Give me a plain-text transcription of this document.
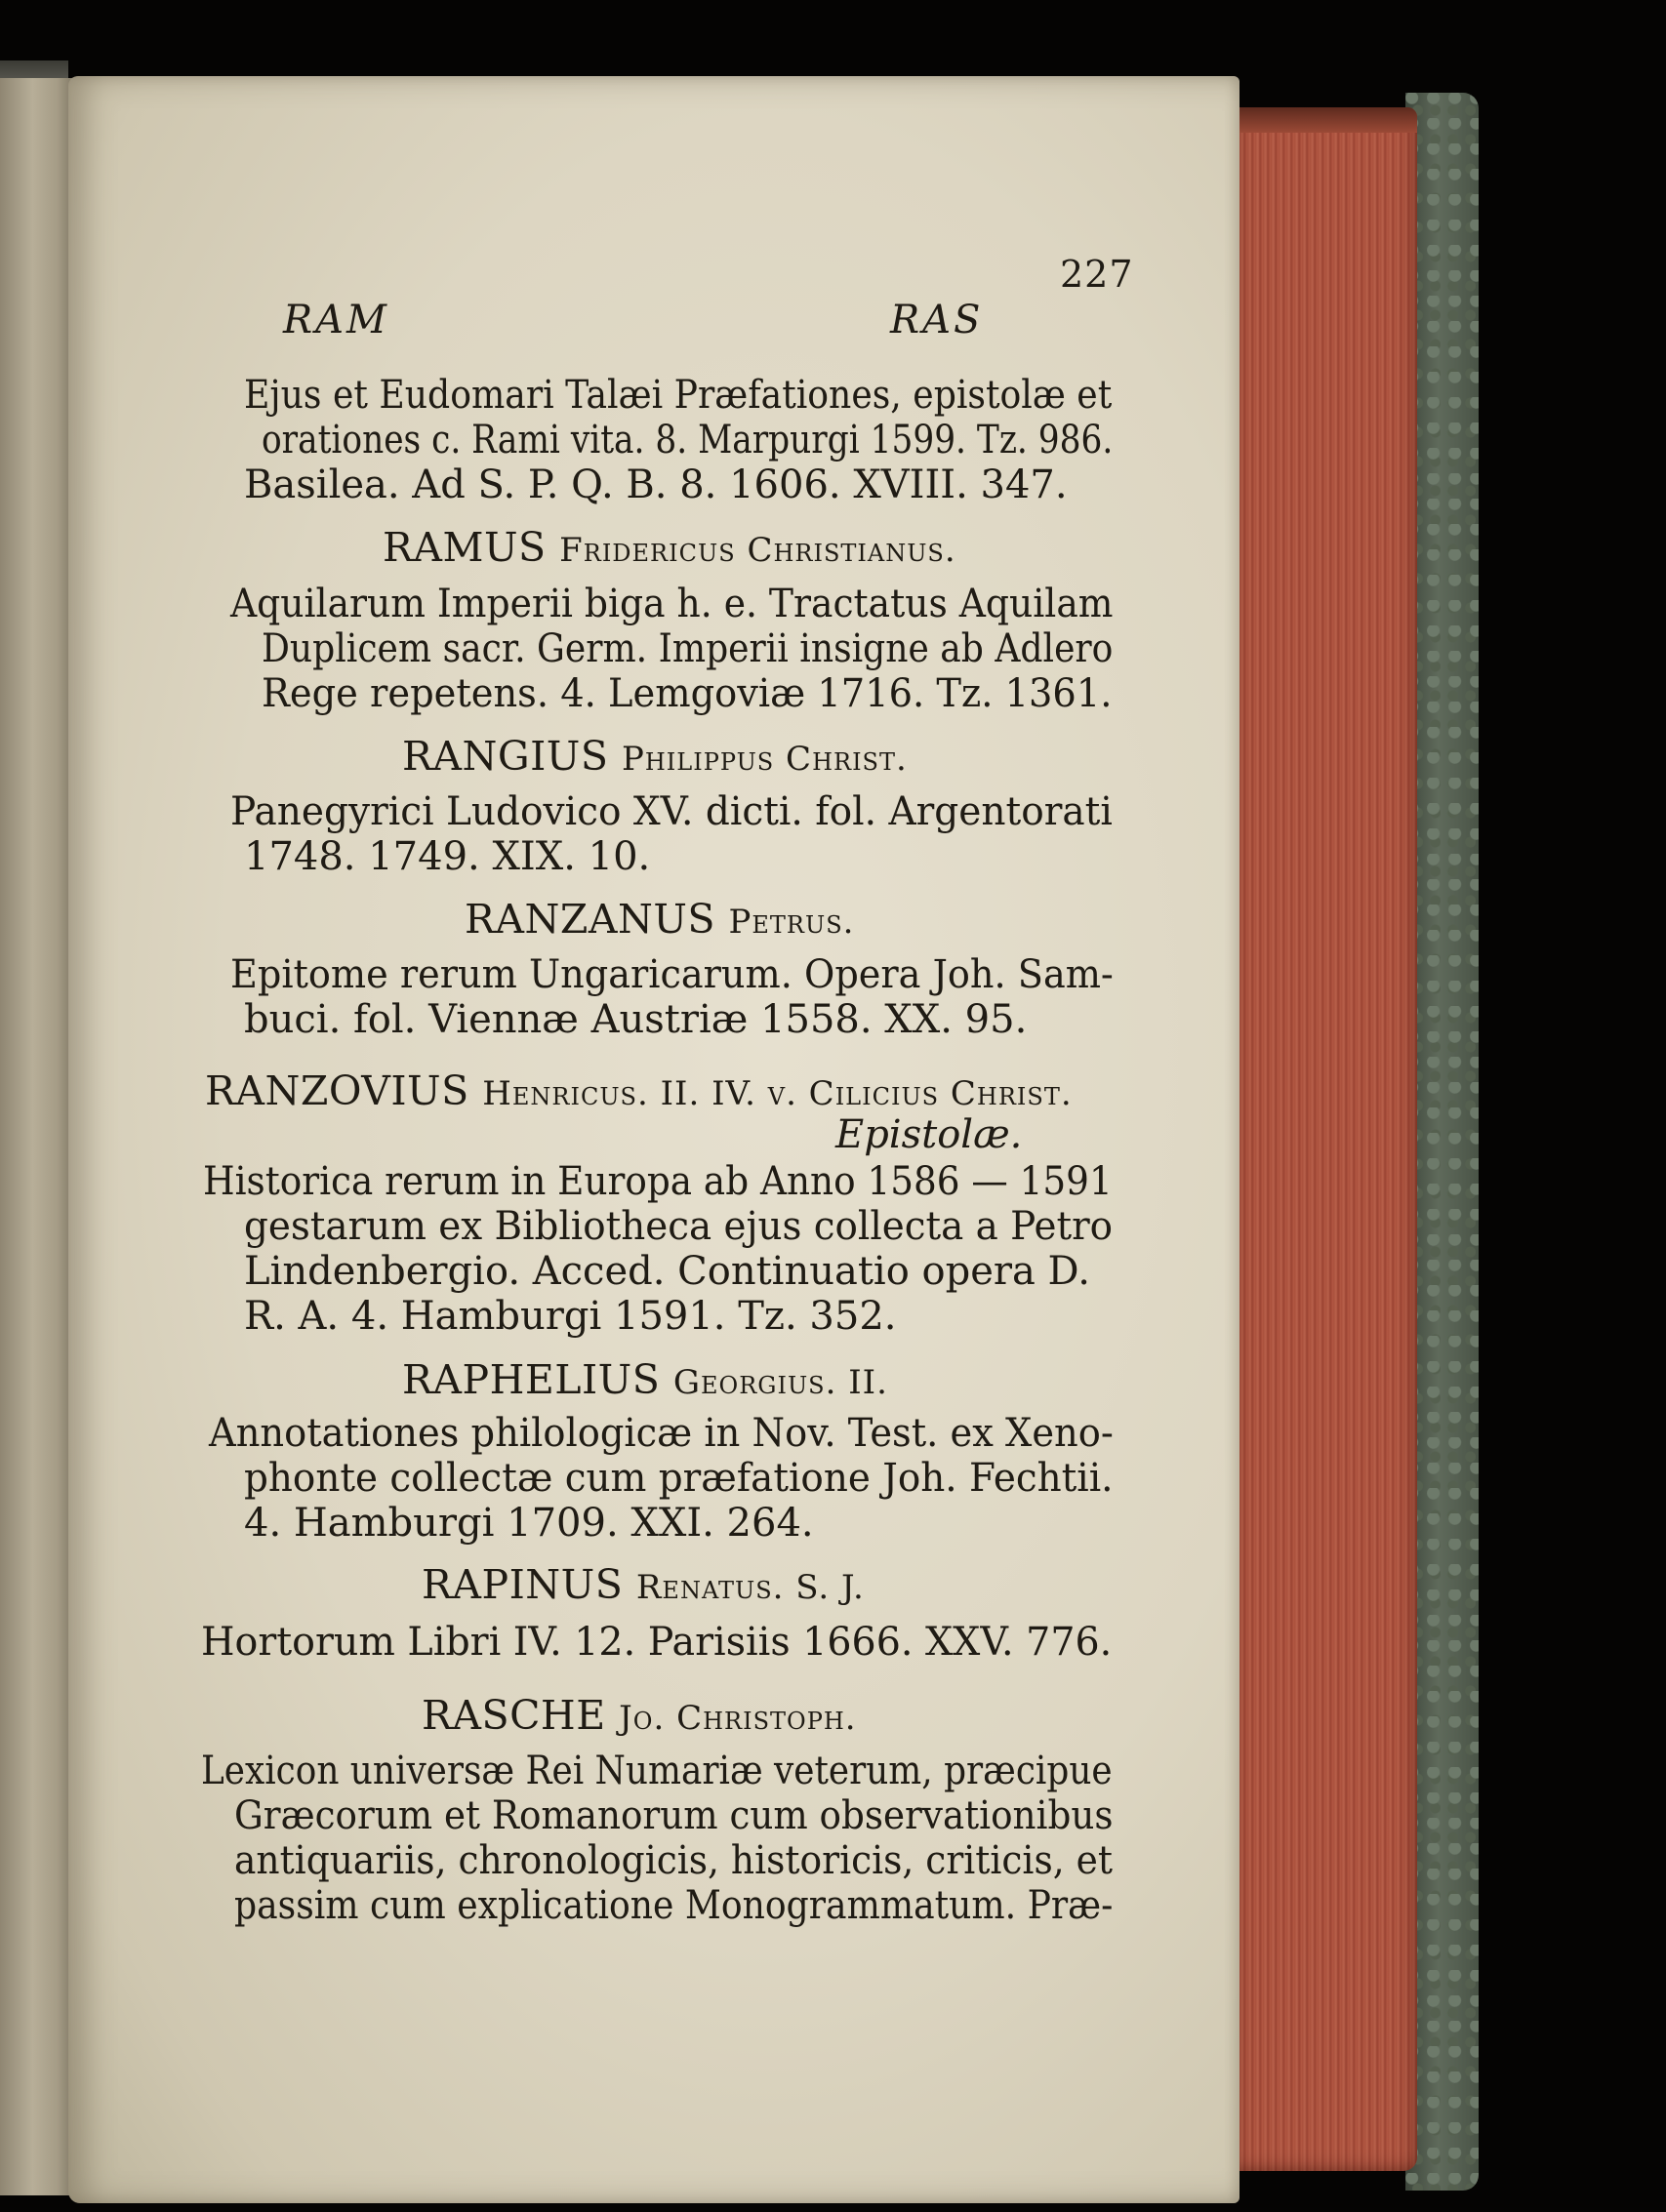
227
RAM	RAS
Ejus et Eudomari Talæi Præfationes, epistolæ et
orationes c. Rami vita. 8. Marpurgi 1599. Tz. 986.
Basilea. Ad S. P. Q. B. 8. 1606. XVIII. 347.
RAMUS Fridericus Christianus.
Aquilarum Imperii biga h. e. Tractatus Aquilam
Duplicem sacr. Germ. Imperii insigne ab Adlero
Rege repetens. 4. Lemgoviæ 1716. Tz. 1361.
RANGIUS Philippus Christ.
Panegyrici Ludovico XV. dicti. fol. Argentorati
1748. 1749. XIX. 10.
RANZANUS Petrus.
Epitome rerum Ungaricarum. Opera Joh. Sam-
buci. fol. Viennæ Austriæ 1558. XX. 95.
RANZOVIUS Henricus. II. IV. v. Cilicius Christ.
Epistolæ.
Historica rerum in Europa ab Anno 1586 — 1591
gestarum ex Bibliotheca ejus collecta a Petro
Lindenbergio. Acced. Continuatio opera D.
R. A. 4. Hamburgi 1591. Tz. 352.
RAPHELIUS Georgius. II.
Annotationes philologicæ in Nov. Test. ex Xeno-
phonte collectæ cum præfatione Joh. Fechtii.
4. Hamburgi 1709. XXI. 264.
RAPINUS Renatus. S. J.
Hortorum Libri IV. 12. Parisiis 1666. XXV. 776.
RASCHE Jo. Christoph.
Lexicon universæ Rei Numariæ veterum, præcipue
Græcorum et Romanorum cum observationibus
antiquariis, chronologicis, historicis, criticis, et
passim cum explicatione Monogrammatum. Præ-
